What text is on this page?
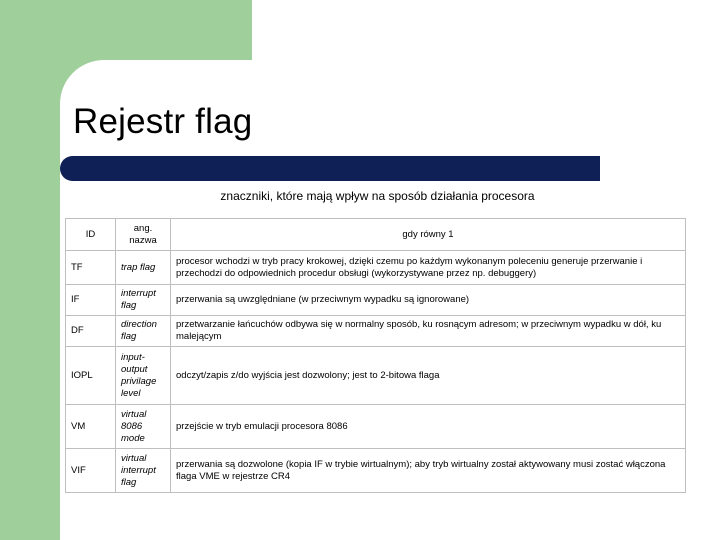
Rejestr flag
znaczniki, które mają wpływ na sposób działania procesora
ID	ang. nazwa	gdy równy 1
TF	trap flag	procesor wchodzi w tryb pracy krokowej, dzięki czemu po każdym wykonanym poleceniu generuje przerwanie i przechodzi do odpowiednich procedur obsługi (wykorzystywane przez np. debuggery)
IF	interrupt flag	przerwania są uwzględniane (w przeciwnym wypadku są ignorowane)
DF	direction flag	przetwarzanie łańcuchów odbywa się w normalny sposób, ku rosnącym adresom; w przeciwnym wypadku w dół, ku malejącym
IOPL	input-output privilage level	odczyt/zapis z/do wyjścia jest dozwolony; jest to 2-bitowa flaga
VM	virtual 8086 mode	przejście w tryb emulacji procesora 8086
VIF	virtual interrupt flag	przerwania są dozwolone (kopia IF w trybie wirtualnym); aby tryb wirtualny został aktywowany musi zostać włączona flaga VME w rejestrze CR4
